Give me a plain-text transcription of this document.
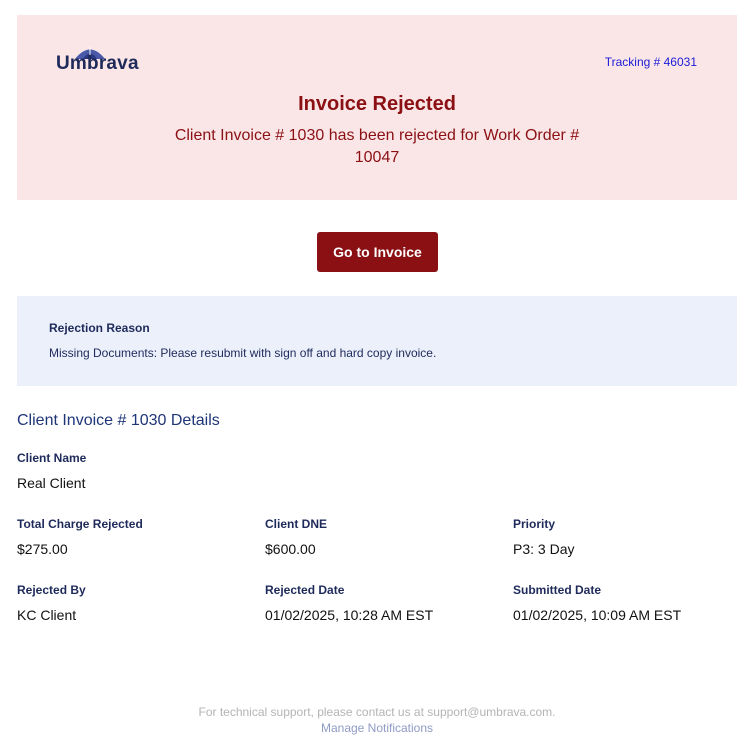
Umbrava	Tracking # 46031
Invoice Rejected
Client Invoice # 1030 has been rejected for Work Order # 10047
Go to Invoice
Rejection Reason
Missing Documents: Please resubmit with sign off and hard copy invoice.
Client Invoice # 1030 Details
Client Name
Real Client
Total Charge Rejected
$275.00
Client DNE
$600.00
Priority
P3: 3 Day
Rejected By
KC Client
Rejected Date
01/02/2025, 10:28 AM EST
Submitted Date
01/02/2025, 10:09 AM EST
For technical support, please contact us at support@umbrava.com.
Manage Notifications
